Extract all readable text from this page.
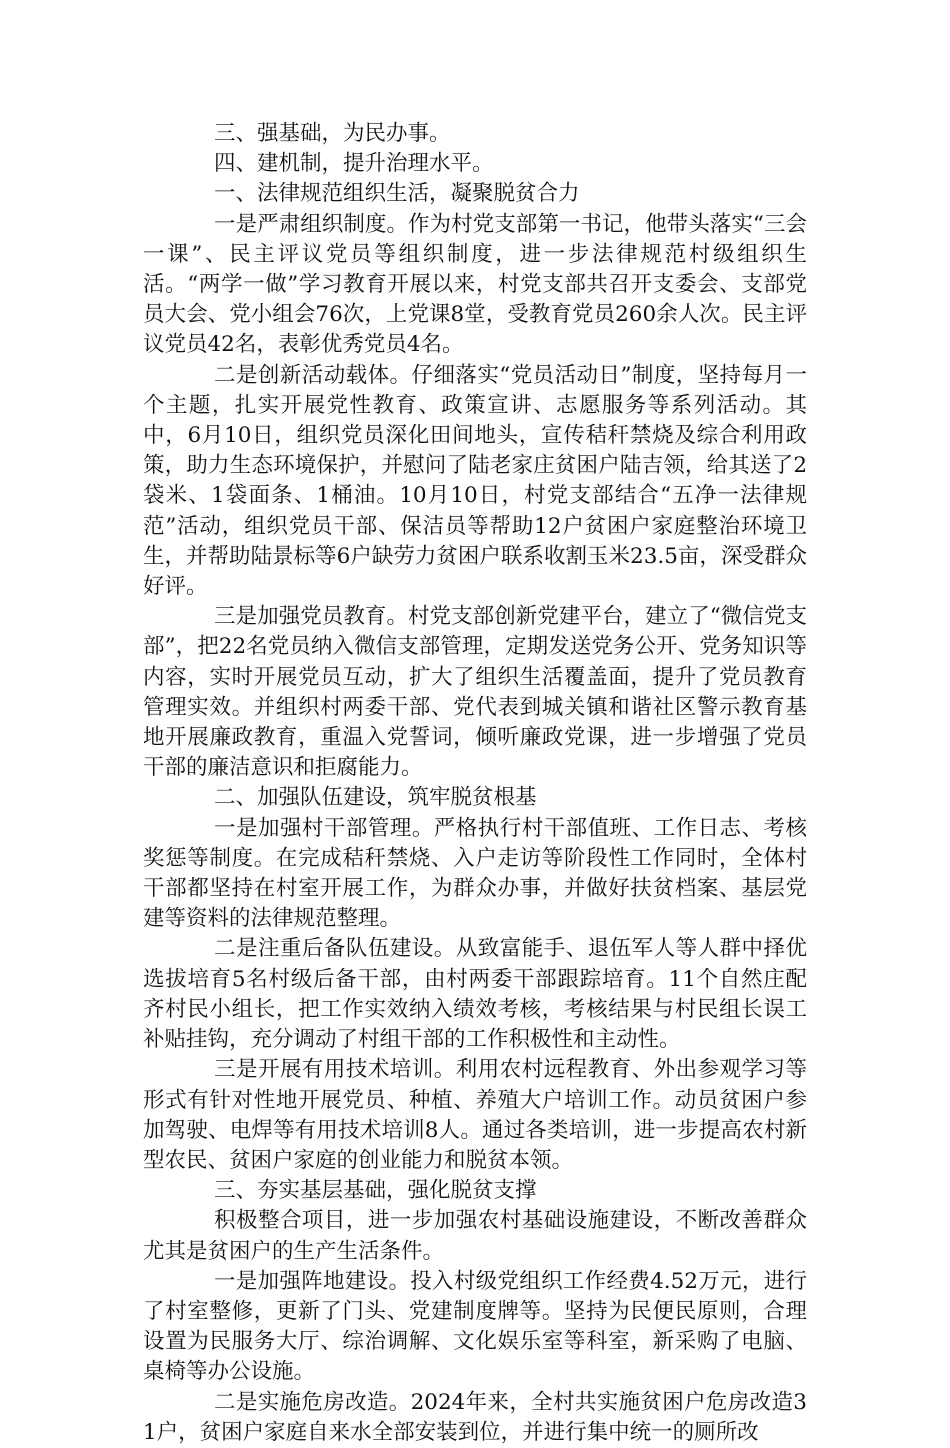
三、强基础，为民办事。

四、建机制，提升治理水平。

一、法律规范组织生活，凝聚脱贫合力

一是严肃组织制度。作为村党支部第一书记，他带头落实“三会一课”、民主评议党员等组织制度，进一步法律规范村级组织生活。“两学一做”学习教育开展以来，村党支部共召开支委会、支部党员大会、党小组会76次，上党课8堂，受教育党员260余人次。民主评议党员42名，表彰优秀党员4名。

二是创新活动载体。仔细落实“党员活动日”制度，坚持每月一个主题，扎实开展党性教育、政策宣讲、志愿服务等系列活动。其中，6月10日，组织党员深化田间地头，宣传秸秆禁烧及综合利用政策，助力生态环境保护，并慰问了陆老家庄贫困户陆吉领，给其送了2袋米、1袋面条、1桶油。10月10日，村党支部结合“五净一法律规范”活动，组织党员干部、保洁员等帮助12户贫困户家庭整治环境卫生，并帮助陆景标等6户缺劳力贫困户联系收割玉米23.5亩，深受群众好评。

三是加强党员教育。村党支部创新党建平台，建立了“微信党支部”，把22名党员纳入微信支部管理，定期发送党务公开、党务知识等内容，实时开展党员互动，扩大了组织生活覆盖面，提升了党员教育管理实效。并组织村两委干部、党代表到城关镇和谐社区警示教育基地开展廉政教育，重温入党誓词，倾听廉政党课，进一步增强了党员干部的廉洁意识和拒腐能力。

二、加强队伍建设，筑牢脱贫根基

一是加强村干部管理。严格执行村干部值班、工作日志、考核奖惩等制度。在完成秸秆禁烧、入户走访等阶段性工作同时，全体村干部都坚持在村室开展工作，为群众办事，并做好扶贫档案、基层党建等资料的法律规范整理。

二是注重后备队伍建设。从致富能手、退伍军人等人群中择优选拔培育5名村级后备干部，由村两委干部跟踪培育。11个自然庄配齐村民小组长，把工作实效纳入绩效考核，考核结果与村民组长误工补贴挂钩，充分调动了村组干部的工作积极性和主动性。

三是开展有用技术培训。利用农村远程教育、外出参观学习等形式有针对性地开展党员、种植、养殖大户培训工作。动员贫困户参加驾驶、电焊等有用技术培训8人。通过各类培训，进一步提高农村新型农民、贫困户家庭的创业能力和脱贫本领。

三、夯实基层基础，强化脱贫支撑

积极整合项目，进一步加强农村基础设施建设，不断改善群众尤其是贫困户的生产生活条件。

一是加强阵地建设。投入村级党组织工作经费4.52万元，进行了村室整修，更新了门头、党建制度牌等。坚持为民便民原则，合理设置为民服务大厅、综治调解、文化娱乐室等科室，新采购了电脑、桌椅等办公设施。

二是实施危房改造。2024年来，全村共实施贫困户危房改造31户，贫困户家庭自来水全部安装到位，并进行集中统一的厕所改
